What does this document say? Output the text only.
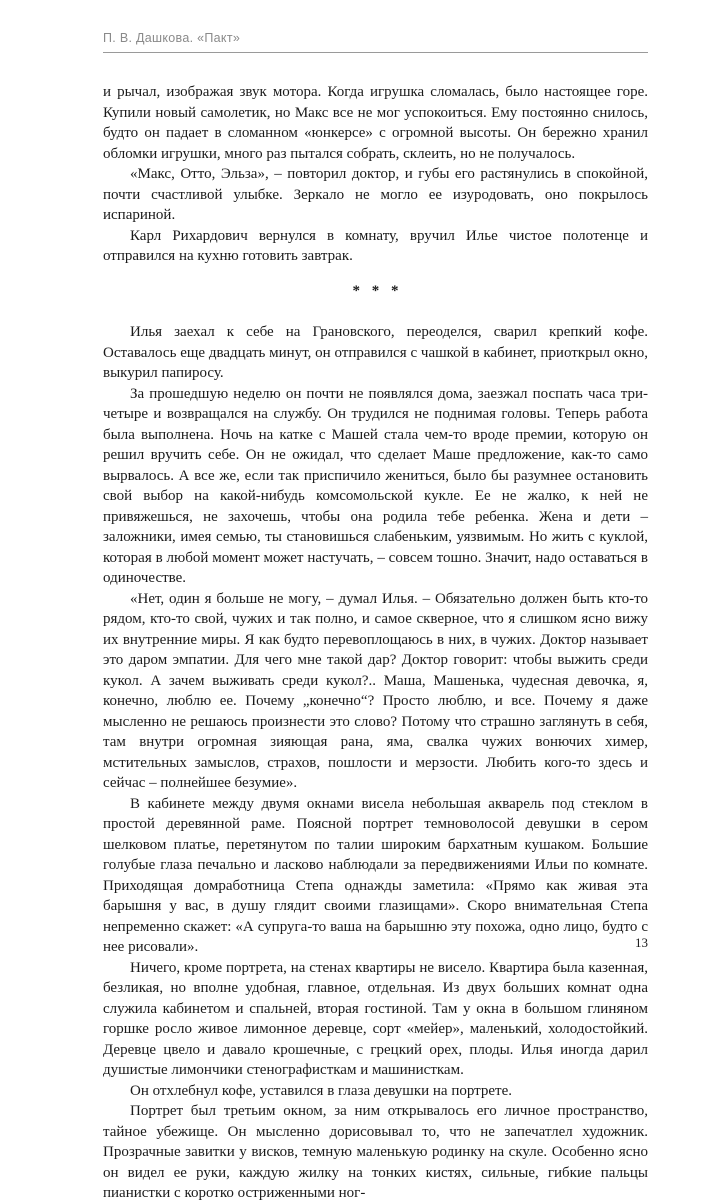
П. В. Дашкова. «Пакт»

и рычал, изображая звук мотора. Когда игрушка сломалась, было настоящее горе. Купили новый самолетик, но Макс все не мог успокоиться. Ему постоянно снилось, будто он падает в сломанном «юнкерсе» с огромной высоты. Он бережно хранил обломки игрушки, много раз пытался собрать, склеить, но не получалось.

«Макс, Отто, Эльза», – повторил доктор, и губы его растянулись в спокойной, почти счастливой улыбке. Зеркало не могло ее изуродовать, оно покрылось испариной.

Карл Рихардович вернулся в комнату, вручил Илье чистое полотенце и отправился на кухню готовить завтрак.

* * *

Илья заехал к себе на Грановского, переоделся, сварил крепкий кофе. Оставалось еще двадцать минут, он отправился с чашкой в кабинет, приоткрыл окно, выкурил папиросу.

За прошедшую неделю он почти не появлялся дома, заезжал поспать часа три-четыре и возвращался на службу. Он трудился не поднимая головы. Теперь работа была выполнена. Ночь на катке с Машей стала чем-то вроде премии, которую он решил вручить себе. Он не ожидал, что сделает Маше предложение, как-то само вырвалось. А все же, если так приспичило жениться, было бы разумнее остановить свой выбор на какой-нибудь комсомольской кукле. Ее не жалко, к ней не привяжешься, не захочешь, чтобы она родила тебе ребенка. Жена и дети – заложники, имея семью, ты становишься слабеньким, уязвимым. Но жить с куклой, которая в любой момент может настучать, – совсем тошно. Значит, надо оставаться в одиночестве.

«Нет, один я больше не могу, – думал Илья. – Обязательно должен быть кто-то рядом, кто-то свой, чужих и так полно, и самое скверное, что я слишком ясно вижу их внутренние миры. Я как будто перевоплощаюсь в них, в чужих. Доктор называет это даром эмпатии. Для чего мне такой дар? Доктор говорит: чтобы выжить среди кукол. А зачем выживать среди кукол?.. Маша, Машенька, чудесная девочка, я, конечно, люблю ее. Почему „конечно“? Просто люблю, и все. Почему я даже мысленно не решаюсь произнести это слово? Потому что страшно заглянуть в себя, там внутри огромная зияющая рана, яма, свалка чужих вонючих химер, мстительных замыслов, страхов, пошлости и мерзости. Любить кого-то здесь и сейчас – полнейшее безумие».

В кабинете между двумя окнами висела небольшая акварель под стеклом в простой деревянной раме. Поясной портрет темноволосой девушки в сером шелковом платье, перетянутом по талии широким бархатным кушаком. Большие голубые глаза печально и ласково наблюдали за передвижениями Ильи по комнате. Приходящая домработница Степа однажды заметила: «Прямо как живая эта барышня у вас, в душу глядит своими глазищами». Скоро внимательная Степа непременно скажет: «А супруга-то ваша на барышню эту похожа, одно лицо, будто с нее рисовали».

Ничего, кроме портрета, на стенах квартиры не висело. Квартира была казенная, безликая, но вполне удобная, главное, отдельная. Из двух больших комнат одна служила кабинетом и спальней, вторая гостиной. Там у окна в большом глиняном горшке росло живое лимонное деревце, сорт «мейер», маленький, холодостойкий. Деревце цвело и давало крошечные, с грецкий орех, плоды. Илья иногда дарил душистые лимончики стенографисткам и машинисткам.

Он отхлебнул кофе, уставился в глаза девушки на портрете.

Портрет был третьим окном, за ним открывалось его личное пространство, тайное убежище. Он мысленно дорисовывал то, что не запечатлел художник. Прозрачные завитки у висков, темную маленькую родинку на скуле. Особенно ясно он видел ее руки, каждую жилку на тонких кистях, сильные, гибкие пальцы пианистки с коротко остриженными ног-

13
